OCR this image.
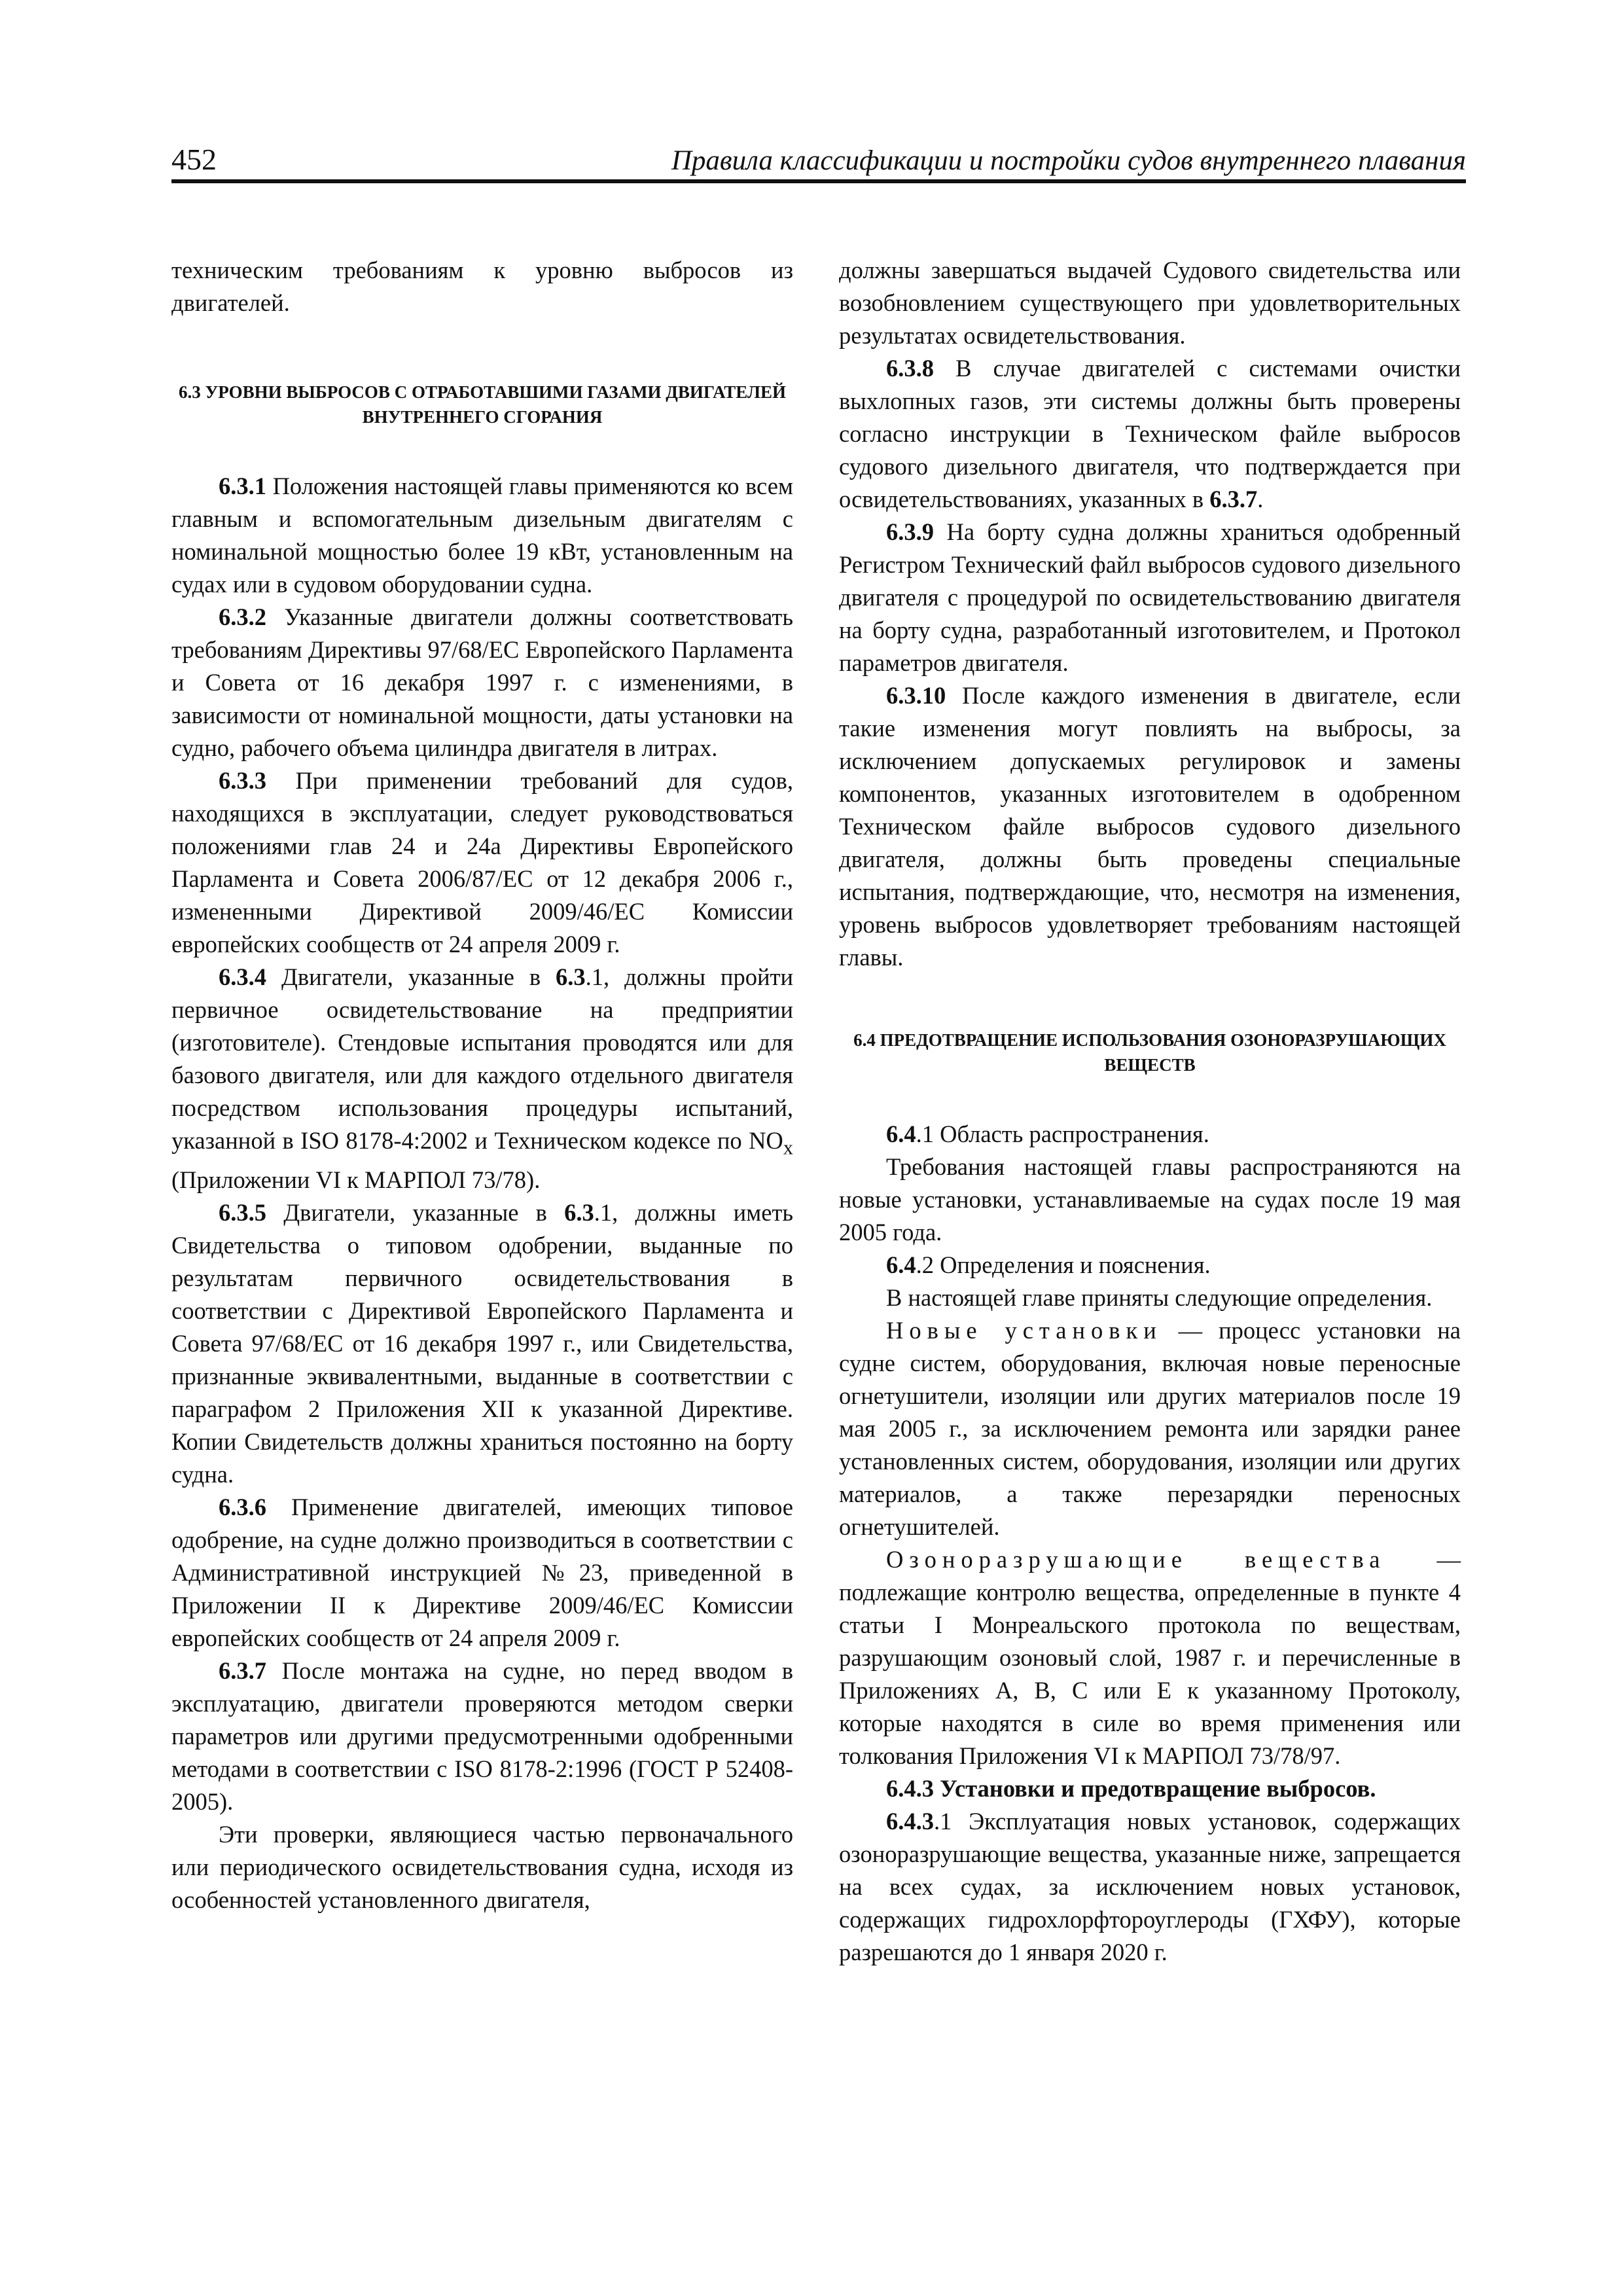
452	Правила классификации и постройки судов внутреннего плавания

техническим требованиям к уровню выбросов из двигателей.

6.3 УРОВНИ ВЫБРОСОВ С ОТРАБОТАВШИМИ ГАЗАМИ ДВИГАТЕЛЕЙ ВНУТРЕННЕГО СГОРАНИЯ

6.3.1 Положения настоящей главы применяются ко всем главным и вспомогательным дизельным двигателям с номинальной мощностью более 19 кВт, установленным на судах или в судовом оборудовании судна.

6.3.2 Указанные двигатели должны соответствовать требованиям Директивы 97/68/ЕС Европейского Парламента и Совета от 16 декабря 1997 г. с изменениями, в зависимости от номинальной мощности, даты установки на судно, рабочего объема цилиндра двигателя в литрах.

6.3.3 При применении требований для судов, находящихся в эксплуатации, следует руководствоваться положениями глав 24 и 24а Директивы Европейского Парламента и Совета 2006/87/ЕС от 12 декабря 2006 г., измененными Директивой 2009/46/ЕС Комиссии европейских сообществ от 24 апреля 2009 г.

6.3.4 Двигатели, указанные в 6.3.1, должны пройти первичное освидетельствование на предприятии (изготовителе). Стендовые испытания проводятся или для базового двигателя, или для каждого отдельного двигателя посредством использования процедуры испытаний, указанной в ISO 8178-4:2002 и Техническом кодексе по $NO_x$ (Приложении VI к МАРПОЛ 73/78).

6.3.5 Двигатели, указанные в 6.3.1, должны иметь Свидетельства о типовом одобрении, выданные по результатам первичного освидетельствования в соответствии с Директивой Европейского Парламента и Совета 97/68/ЕС от 16 декабря 1997 г., или Свидетельства, признанные эквивалентными, выданные в соответствии с параграфом 2 Приложения XII к указанной Директиве. Копии Свидетельств должны храниться постоянно на борту судна.

6.3.6 Применение двигателей, имеющих типовое одобрение, на судне должно производиться в соответствии с Административной инструкцией №23, приведенной в Приложении II к Директиве 2009/46/ЕС Комиссии европейских сообществ от 24 апреля 2009 г.

6.3.7 После монтажа на судне, но перед вводом в эксплуатацию, двигатели проверяются методом сверки параметров или другими предусмотренными одобренными методами в соответствии с ISO 8178-2:1996 (ГОСТ Р 52408-2005).

Эти проверки, являющиеся частью первоначального или периодического освидетельствования судна, исходя из особенностей установленного двигателя,

должны завершаться выдачей Судового свидетельства или возобновлением существующего при удовлетворительных результатах освидетельствования.

6.3.8 В случае двигателей с системами очистки выхлопных газов, эти системы должны быть проверены согласно инструкции в Техническом файле выбросов судового дизельного двигателя, что подтверждается при освидетельствованиях, указанных в 6.3.7.

6.3.9 На борту судна должны храниться одобренный Регистром Технический файл выбросов судового дизельного двигателя с процедурой по освидетельствованию двигателя на борту судна, разработанный изготовителем, и Протокол параметров двигателя.

6.3.10 После каждого изменения в двигателе, если такие изменения могут повлиять на выбросы, за исключением допускаемых регулировок и замены компонентов, указанных изготовителем в одобренном Техническом файле выбросов судового дизельного двигателя, должны быть проведены специальные испытания, подтверждающие, что, несмотря на изменения, уровень выбросов удовлетворяет требованиям настоящей главы.

6.4 ПРЕДОТВРАЩЕНИЕ ИСПОЛЬЗОВАНИЯ ОЗОНОРАЗРУШАЮЩИХ ВЕЩЕСТВ

6.4.1 Область распространения.

Требования настоящей главы распространяются на новые установки, устанавливаемые на судах после 19 мая 2005 года.

6.4.2 Определения и пояснения.

В настоящей главе приняты следующие определения.

Новые установки — процесс установки на судне систем, оборудования, включая новые переносные огнетушители, изоляции или других материалов после 19 мая 2005 г., за исключением ремонта или зарядки ранее установленных систем, оборудования, изоляции или других материалов, а также перезарядки переносных огнетушителей.

Озоноразрушающие вещества — подлежащие контролю вещества, определенные в пункте 4 статьи I Монреальского протокола по веществам, разрушающим озоновый слой, 1987 г. и перечисленные в Приложениях А, В, С или Е к указанному Протоколу, которые находятся в силе во время применения или толкования Приложения VI к МАРПОЛ 73/78/97.

6.4.3 Установки и предотвращение выбросов.

6.4.3.1 Эксплуатация новых установок, содержащих озоноразрушающие вещества, указанные ниже, запрещается на всех судах, за исключением новых установок, содержащих гидрохлорфтороуглероды (ГХФУ), которые разрешаются до 1 января 2020 г.
